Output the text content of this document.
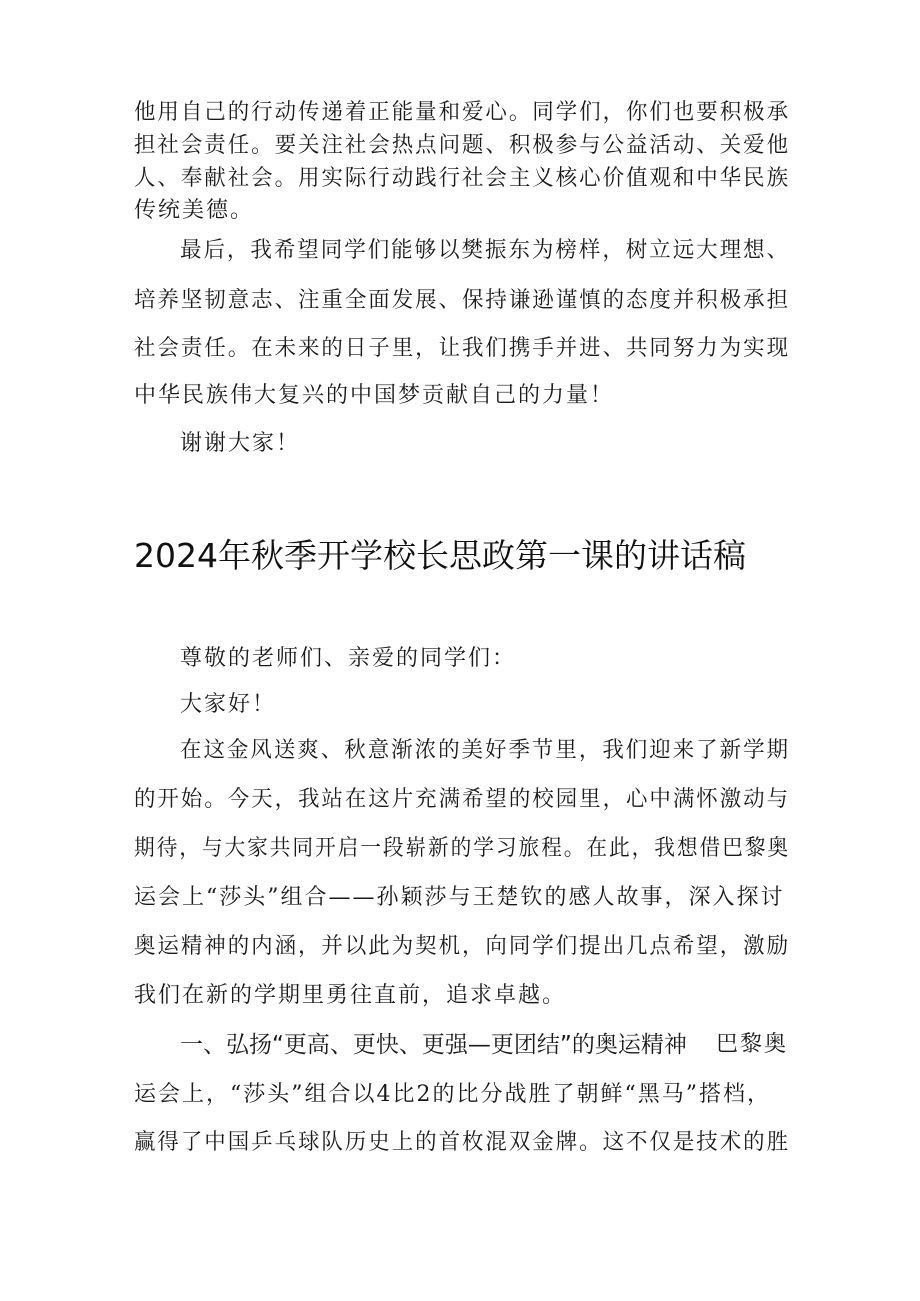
他用自己的行动传递着正能量和爱心。同学们，你们也要积极承
担社会责任。要关注社会热点问题、积极参与公益活动、关爱他
人、奉献社会。用实际行动践行社会主义核心价值观和中华民族
传统美德。
最后，我希望同学们能够以樊振东为榜样，树立远大理想、
培养坚韧意志、注重全面发展、保持谦逊谨慎的态度并积极承担
社会责任。在未来的日子里，让我们携手并进、共同努力为实现
中华民族伟大复兴的中国梦贡献自己的力量！
谢谢大家！
2024年秋季开学校长思政第一课的讲话稿
尊敬的老师们、亲爱的同学们：
大家好！
在这金风送爽、秋意渐浓的美好季节里，我们迎来了新学期
的开始。今天，我站在这片充满希望的校园里，心中满怀激动与
期待，与大家共同开启一段崭新的学习旅程。在此，我想借巴黎奥
运会上“莎头”组合——孙颖莎与王楚钦的感人故事，深入探讨
奥运精神的内涵，并以此为契机，向同学们提出几点希望，激励
我们在新的学期里勇往直前，追求卓越。
一、弘扬“更高、更快、更强—更团结”的奥运精神 巴黎奥
运会上，“莎头”组合以4比2的比分战胜了朝鲜“黑马”搭档，
赢得了中国乒乓球队历史上的首枚混双金牌。这不仅是技术的胜
